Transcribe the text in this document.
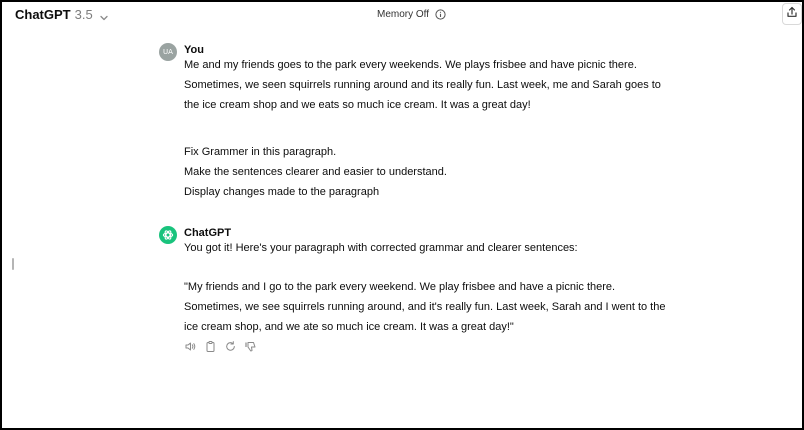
ChatGPT 3.5	Memory Off
UA You

Me and my friends goes to the park every weekends. We plays frisbee and have picnic there.

Sometimes, we seen squirrels running around and its really fun. Last week, me and Sarah goes to

the ice cream shop and we eats so much ice cream. It was a great day!

Fix Grammer in this paragraph.

Make the sentences clearer and easier to understand.

Display changes made to the paragraph

ChatGPT

You got it! Here's your paragraph with corrected grammar and clearer sentences:

"My friends and I go to the park every weekend. We play frisbee and have a picnic there.

Sometimes, we see squirrels running around, and it's really fun. Last week, Sarah and I went to the

ice cream shop, and we ate so much ice cream. It was a great day!"
